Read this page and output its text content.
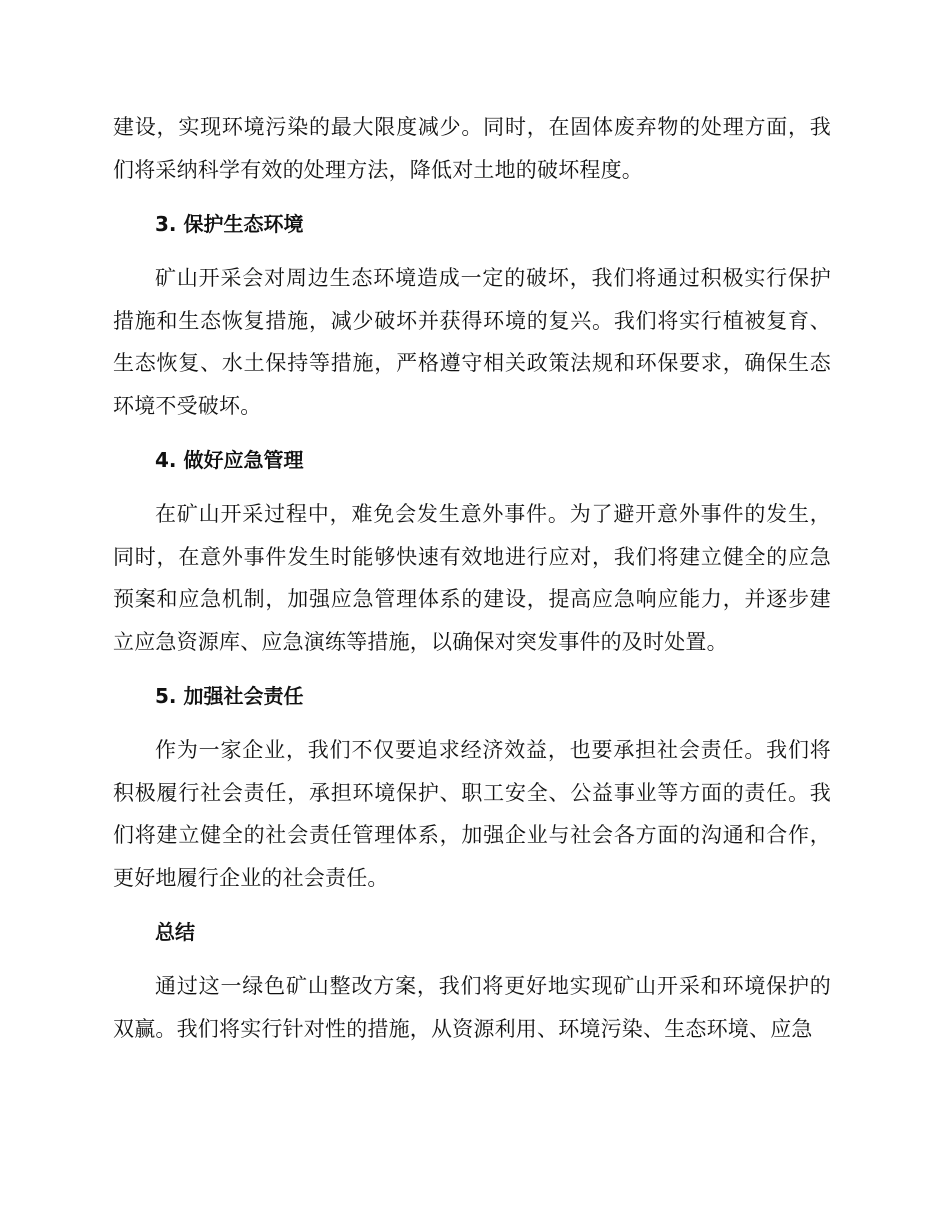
建设，实现环境污染的最大限度减少。同时，在固体废弃物的处理方面，我们将采纳科学有效的处理方法，降低对土地的破坏程度。

3. 保护生态环境

矿山开采会对周边生态环境造成一定的破坏，我们将通过积极实行保护措施和生态恢复措施，减少破坏并获得环境的复兴。我们将实行植被复育、生态恢复、水土保持等措施，严格遵守相关政策法规和环保要求，确保生态环境不受破坏。

4. 做好应急管理

在矿山开采过程中，难免会发生意外事件。为了避开意外事件的发生，同时，在意外事件发生时能够快速有效地进行应对，我们将建立健全的应急预案和应急机制，加强应急管理体系的建设，提高应急响应能力，并逐步建立应急资源库、应急演练等措施，以确保对突发事件的及时处置。

5. 加强社会责任

作为一家企业，我们不仅要追求经济效益，也要承担社会责任。我们将积极履行社会责任，承担环境保护、职工安全、公益事业等方面的责任。我们将建立健全的社会责任管理体系，加强企业与社会各方面的沟通和合作，更好地履行企业的社会责任。

总结

通过这一绿色矿山整改方案，我们将更好地实现矿山开采和环境保护的双赢。我们将实行针对性的措施，从资源利用、环境污染、生态环境、应急
